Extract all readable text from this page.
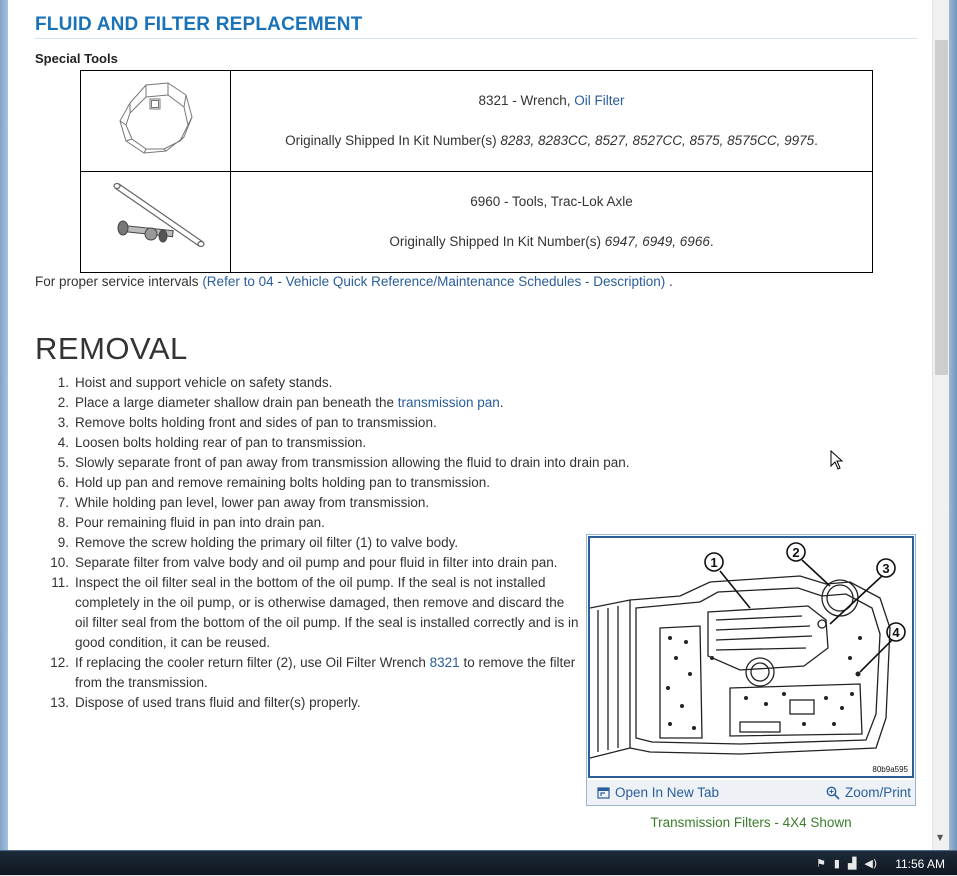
FLUID AND FILTER REPLACEMENT
Special Tools

8321 - Wrench, Oil Filter
Originally Shipped In Kit Number(s) 8283, 8283CC, 8527, 8527CC, 8575, 8575CC, 9975.

6960 - Tools, Trac-Lok Axle
Originally Shipped In Kit Number(s) 6947, 6949, 6966.
For proper service intervals (Refer to 04 - Vehicle Quick Reference/Maintenance Schedules - Description) .
REMOVAL
1. Hoist and support vehicle on safety stands.
2. Place a large diameter shallow drain pan beneath the transmission pan.
3. Remove bolts holding front and sides of pan to transmission.
4. Loosen bolts holding rear of pan to transmission.
5. Slowly separate front of pan away from transmission allowing the fluid to drain into drain pan.
6. Hold up pan and remove remaining bolts holding pan to transmission.
7. While holding pan level, lower pan away from transmission.
8. Pour remaining fluid in pan into drain pan.
9. Remove the screw holding the primary oil filter (1) to valve body.
10. Separate filter from valve body and oil pump and pour fluid in filter into drain pan.
11. Inspect the oil filter seal in the bottom of the oil pump. If the seal is not installed completely in the oil pump, or is otherwise damaged, then remove and discard the oil filter seal from the bottom of the oil pump. If the seal is installed correctly and is in good condition, it can be reused.
12. If replacing the cooler return filter (2), use Oil Filter Wrench 8321 to remove the filter from the transmission.
13. Dispose of used trans fluid and filter(s) properly.
1
2
3
4
80b9a595
Open In New Tab	Zoom/Print
Transmission Filters - 4X4 Shown
▼
⚑ ▮ ▟ ◀) 11:56 AM
